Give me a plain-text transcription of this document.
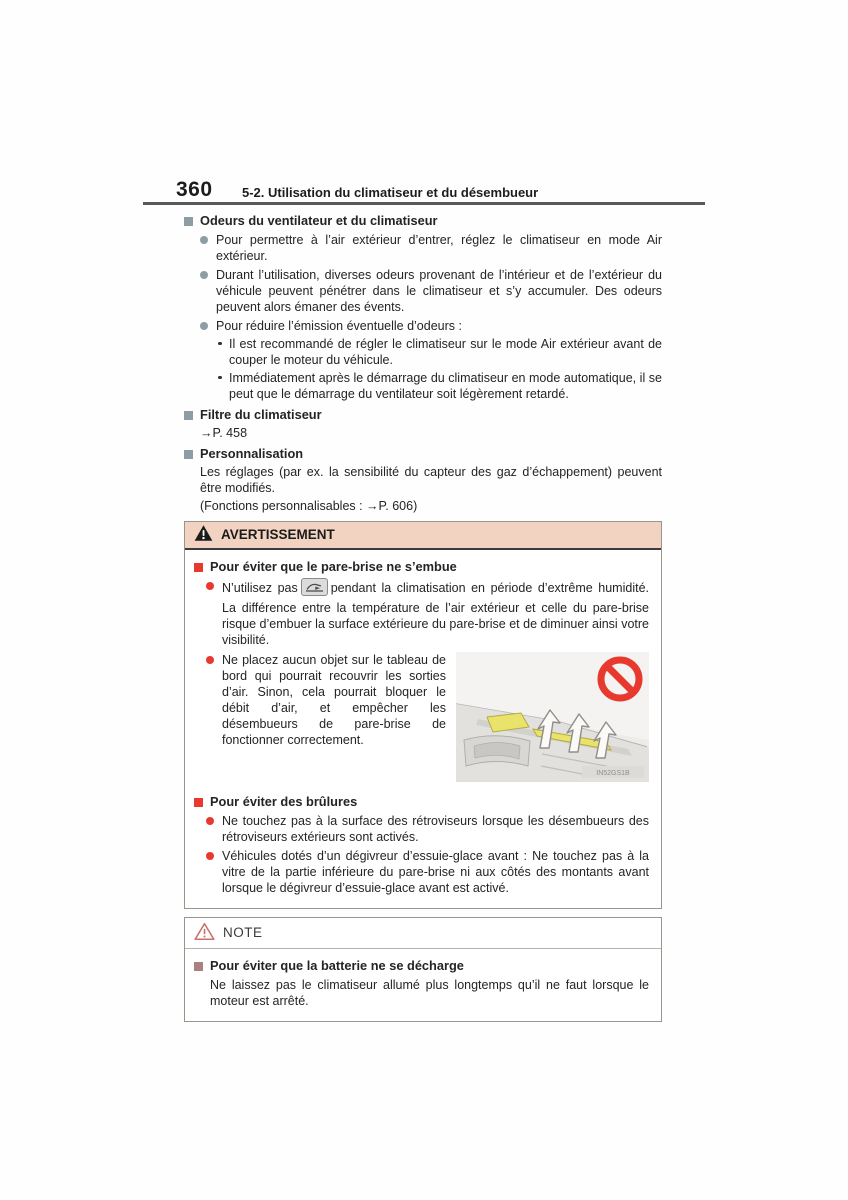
360 5-2. Utilisation du climatiseur et du désembueur
Odeurs du ventilateur et du climatiseur
Pour permettre à l’air extérieur d’entrer, réglez le climatiseur en mode Air extérieur.
Durant l’utilisation, diverses odeurs provenant de l’intérieur et de l’extérieur du véhicule peuvent pénétrer dans le climatiseur et s’y accumuler. Des odeurs peuvent alors émaner des évents.
Pour réduire l’émission éventuelle d’odeurs :
Il est recommandé de régler le climatiseur sur le mode Air extérieur avant de couper le moteur du véhicule.
Immédiatement après le démarrage du climatiseur en mode automatique, il se peut que le démarrage du ventilateur soit légèrement retardé.
Filtre du climatiseur
→P. 458
Personnalisation
Les réglages (par ex. la sensibilité du capteur des gaz d’échappement) peuvent être modifiés.
(Fonctions personnalisables : →P. 606)
AVERTISSEMENT
Pour éviter que le pare-brise ne s’embue
N’utilisez pas	pendant la climatisation en période d’extrême humidité. La différence entre la température de l’air extérieur et celle du pare-brise risque d’embuer la surface extérieure du pare-brise et de diminuer ainsi votre visibilité.
Ne placez aucun objet sur le tableau de bord qui pourrait recouvrir les sorties d’air. Sinon, cela pourrait bloquer le débit d’air, et empêcher les désembueurs de pare-brise de fonctionner correctement.
IN52GS1B
Pour éviter des brûlures
Ne touchez pas à la surface des rétroviseurs lorsque les désembueurs des rétroviseurs extérieurs sont activés.
Véhicules dotés d’un dégivreur d’essuie-glace avant : Ne touchez pas à la vitre de la partie inférieure du pare-brise ni aux côtés des montants avant lorsque le dégivreur d’essuie-glace avant est activé.
NOTE
Pour éviter que la batterie ne se décharge
Ne laissez pas le climatiseur allumé plus longtemps qu’il ne faut lorsque le moteur est arrêté.
